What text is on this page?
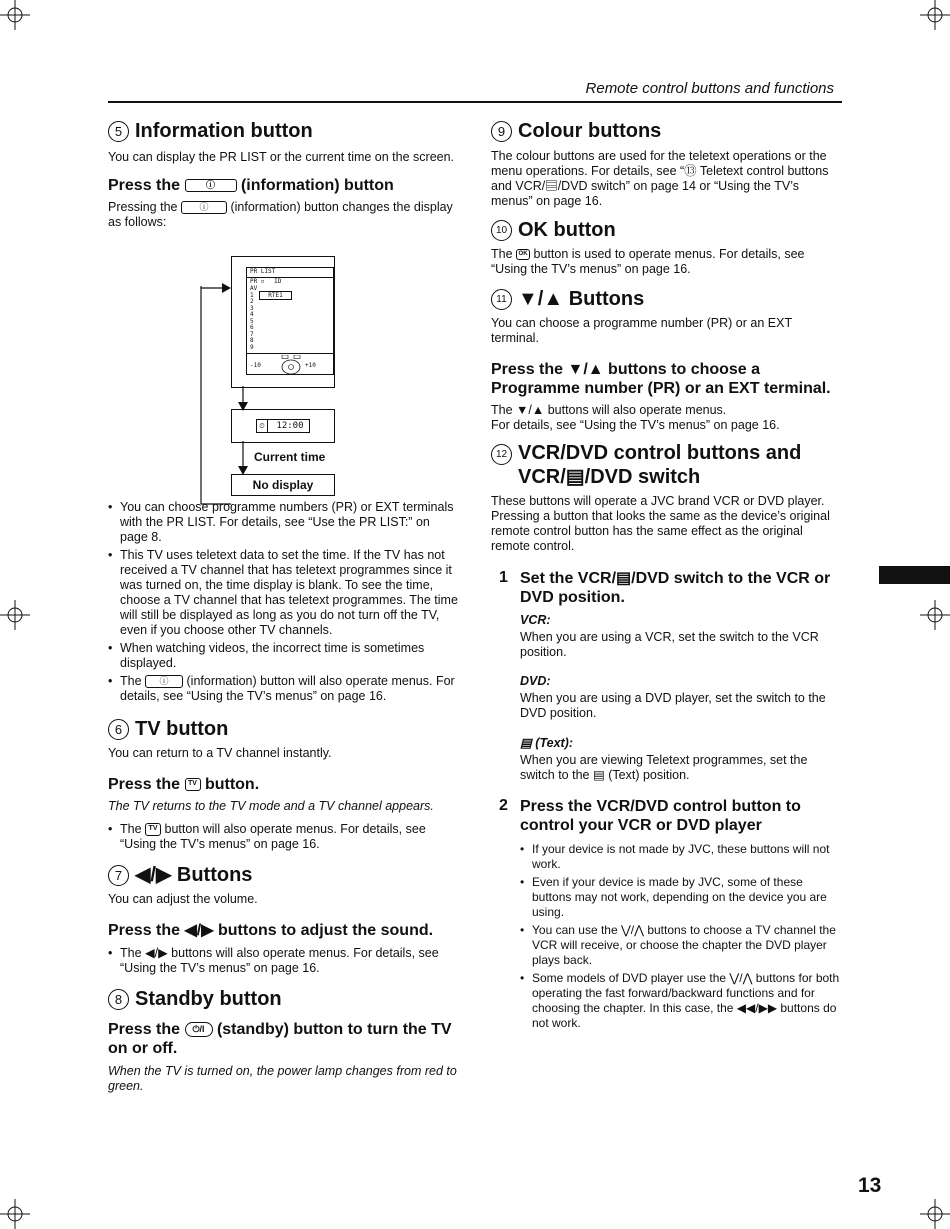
Remote control buttons and functions
13
5 Information button

You can display the PR LIST or the current time on the screen.

Press the	ⓘ (information) button

Pressing the ⓘ (information) button changes the display as follows:

• You can choose programme numbers (PR) or EXT terminals with the PR LIST. For details, see “Use the PR LIST:” on page 8.
• This TV uses teletext data to set the time. If the TV has not received a TV channel that has teletext programmes since it was turned on, the time display is blank. To see the time, choose a TV channel that has teletext programmes. The time will still be displayed as long as you do not turn off the TV, even if you choose other TV channels.
• When watching videos, the incorrect time is sometimes displayed.
• The ⓘ (information) button will also operate menus. For details, see “Using the TV’s menus” on page 16.
6 TV button

You can return to a TV channel instantly.

Press the TV button.

The TV returns to the TV mode and a TV channel appears.

• The TV button will also operate menus. For details, see “Using the TV’s menus” on page 16.
7 ◀/▶ Buttons

You can adjust the volume.

Press the ◀/▶ buttons to adjust the sound.
• The ◀/▶ buttons will also operate menus. For details, see “Using the TV’s menus” on page 16.
8 Standby button
Press the ⏻/I (standby) button to turn the TV on or off.

When the TV is turned on, the power lamp changes from red to green.

PR LIST
PR ▫ ID
AV
1 RTE1
2
3
4
5
6
7
8
9
-10	+10
⏲ 12:00
Current time
No display
9 Colour buttons

The colour buttons are used for the teletext operations or the menu operations. For details, see “⑬ Teletext control buttons and VCR/▤/DVD switch” on page 14 or “Using the TV’s menus” on page 16.

10 OK button

The OK button is used to operate menus. For details, see “Using the TV’s menus” on page 16.

11 ▼/▲ Buttons

You can choose a programme number (PR) or an EXT terminal.

Press the ▼/▲ buttons to choose a Programme number (PR) or an EXT terminal.

The ▼/▲ buttons will also operate menus.

For details, see “Using the TV’s menus” on page 16.

12 VCR/DVD control buttons and VCR/▤/DVD switch

These buttons will operate a JVC brand VCR or DVD player. Pressing a button that looks the same as the device’s original remote control button has the same effect as the original remote control.

1 Set the VCR/▤/DVD switch to the VCR or DVD position.
VCR:

When you are using a VCR, set the switch to the VCR position.

DVD:

When you are using a DVD player, set the switch to the DVD position.

▤ (Text):

When you are viewing Teletext programmes, set the switch to the ▤ (Text) position.

2 Press the VCR/DVD control button to control your VCR or DVD player
• If your device is not made by JVC, these buttons will not work.
• Even if your device is made by JVC, some of these buttons may not work, depending on the device you are using.
• You can use the ⋁/⋀ buttons to choose a TV channel the VCR will receive, or choose the chapter the DVD player plays back.
• Some models of DVD player use the ⋁/⋀ buttons for both operating the fast forward/backward functions and for choosing the chapter. In this case, the ◀◀/▶▶ buttons do not work.
